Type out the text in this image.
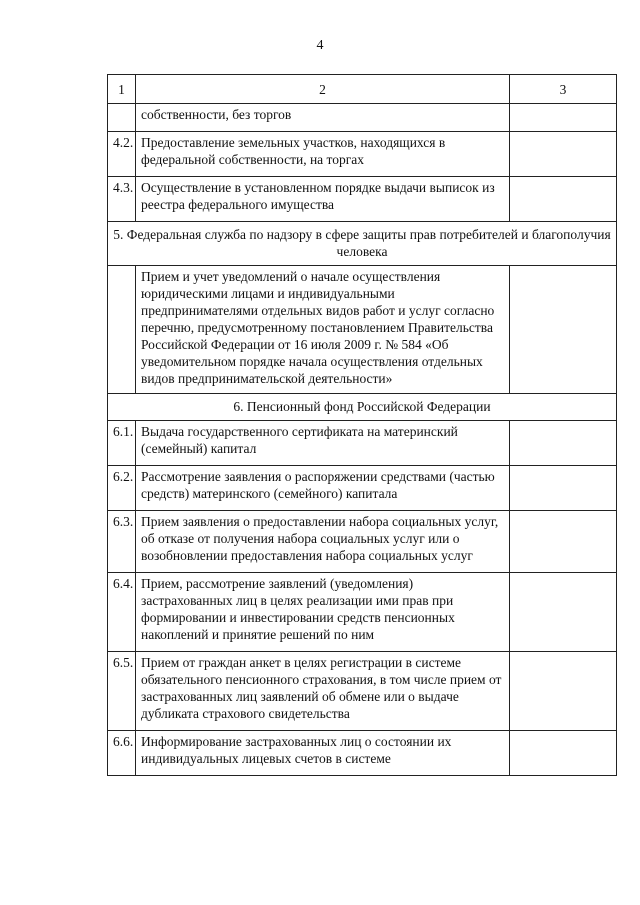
4
1	2	3
	собственности, без торгов	
4.2.	Предоставление земельных участков, находящихся в федеральной собственности, на торгах	
4.3.	Осуществление в установленном порядке выдачи выписок из реестра федерального имущества	
5. Федеральная служба по надзору в сфере защиты прав потребителей и благополучия человека		
	Прием и учет уведомлений о начале осуществления юридическими лицами и индивидуальными предпринимателями отдельных видов работ и услуг согласно перечню, предусмотренному постановлением Правительства Российской Федерации от 16 июля 2009 г. № 584 «Об уведомительном порядке начала осуществления отдельных видов предпринимательской деятельности»	
6. Пенсионный фонд Российской Федерации		
6.1.	Выдача государственного сертификата на материнский (семейный) капитал	
6.2.	Рассмотрение заявления о распоряжении средствами (частью средств) материнского (семейного) капитала	
6.3.	Прием заявления о предоставлении набора социальных услуг, об отказе от получения набора социальных услуг или о возобновлении предоставления набора социальных услуг	
6.4.	Прием, рассмотрение заявлений (уведомления) застрахованных лиц в целях реализации ими прав при формировании и инвестировании средств пенсионных накоплений и принятие решений по ним	
6.5.	Прием от граждан анкет в целях регистрации в системе обязательного пенсионного страхования, в том числе прием от застрахованных лиц заявлений об обмене или о выдаче дубликата страхового свидетельства	
6.6.	Информирование застрахованных лиц о состоянии их индивидуальных лицевых счетов в системе	
